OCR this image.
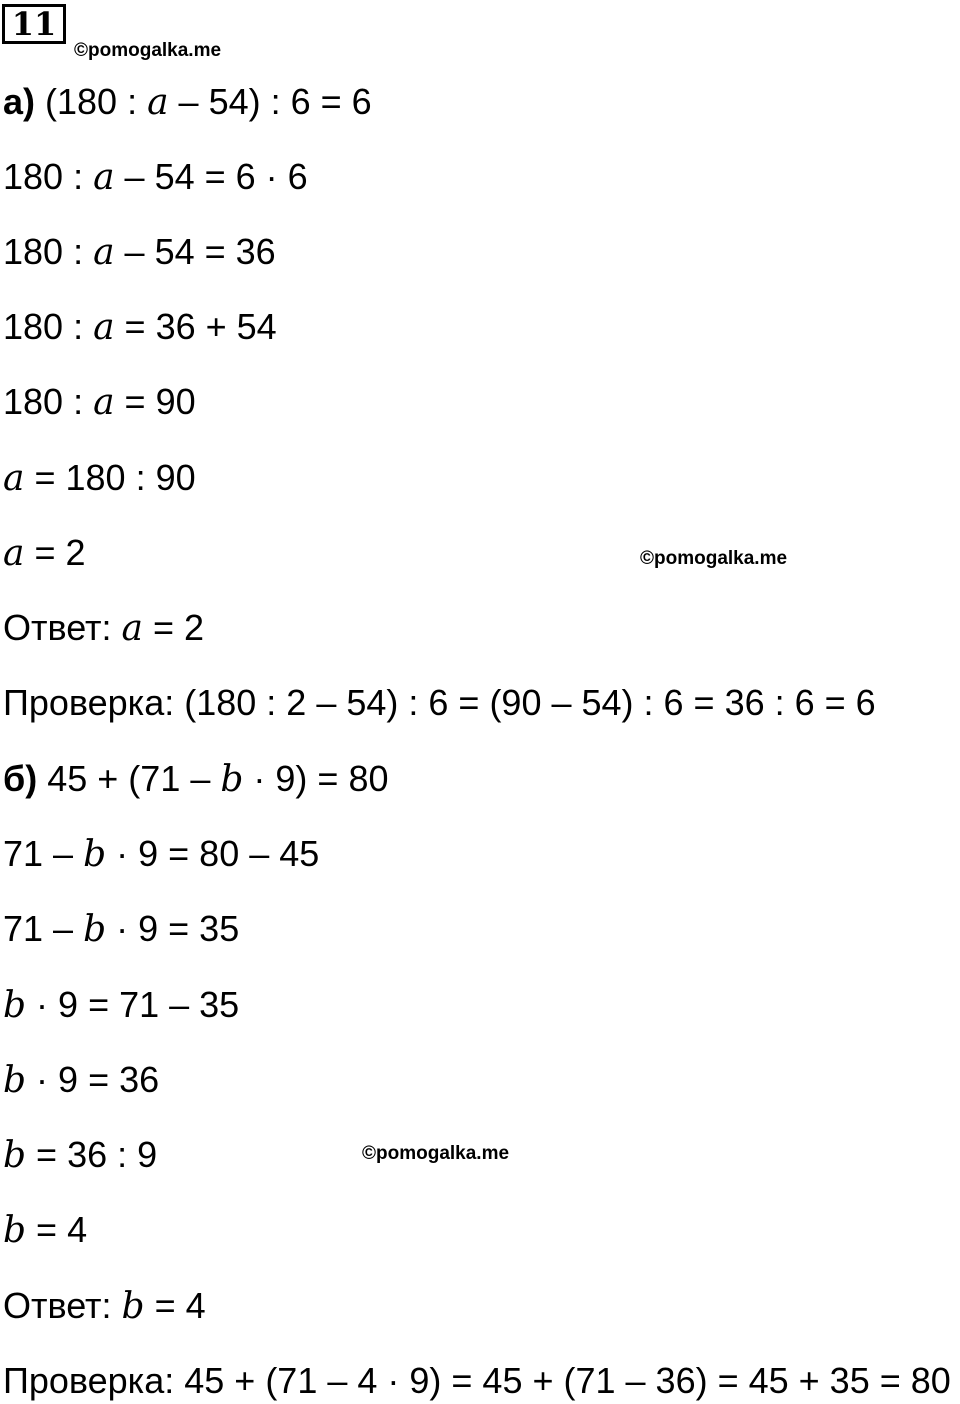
11
©pomogalka.me
©pomogalka.me
©pomogalka.me
а) (180 : a – 54) : 6 = 6
180 : a – 54 = 6 · 6
180 : a – 54 = 36
180 : a = 36 + 54
180 : a = 90
a = 180 : 90
a = 2
Ответ: a = 2
Проверка: (180 : 2 – 54) : 6 = (90 – 54) : 6 = 36 : 6 = 6
б) 45 + (71 – b · 9) = 80
71 – b · 9 = 80 – 45
71 – b · 9 = 35
b · 9 = 71 – 35
b · 9 = 36
b = 36 : 9
b = 4
Ответ: b = 4
Проверка: 45 + (71 – 4 · 9) = 45 + (71 – 36) = 45 + 35 = 80
